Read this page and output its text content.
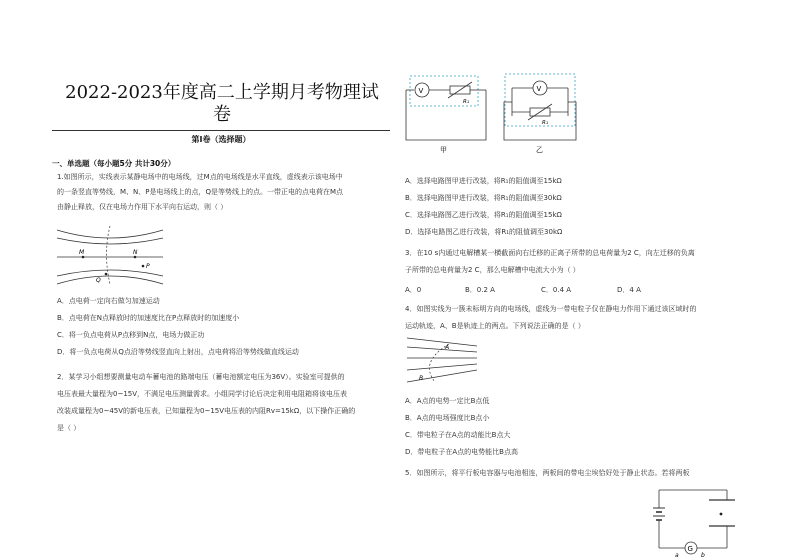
2022-2023年度高二上学期月考物理试
卷
第I卷（选择题）
一、单选题（每小题5分 共计30分）
1.如图所示，实线表示某静电场中的电场线，过M点的电场线是水平直线，虚线表示该电场中
的一条竖直等势线，M、N、P是电场线上的点，Q是等势线上的点。一带正电的点电荷在M点
由静止释放，仅在电场力作用下水平向右运动，则（ ）
M	N
P
Q
A．点电荷一定向右做匀加速运动
B．点电荷在N点释放时的加速度比在P点释放时的加速度小
C．将一负点电荷从P点移到N点，电场力做正功
D．将一负点电荷从Q点沿等势线竖直向上射出，点电荷将沿等势线做直线运动
2．某学习小组想要测量电动车蓄电池的路端电压（蓄电池额定电压为36V）。实验室可提供的
电压表最大量程为0~15V，不满足电压测量需求。小组同学讨论后决定利用电阻箱将该电压表
改装成量程为0~45V的新电压表，已知量程为0~15V电压表的内阻Rv=15kΩ，以下操作正确的
是（ ）
V
R₁
甲
V
R₁
乙
A．选择电路图甲进行改装，将R₁的阻值调至15kΩ
B．选择电路图甲进行改装，将R₁的阻值调至30kΩ
C．选择电路图乙进行改装，将R₁的阻值调至15kΩ
D．选择电路图乙进行改装，将R₁的阻值调至30kΩ
3．在10 s内通过电解槽某一横截面向右迁移的正离子所带的总电荷量为2 C，向左迁移的负离
子所带的总电荷量为2 C，那么电解槽中电流大小为（ ）
A．0	B．0.2 A	C．0.4 A	D．4 A
4．如图实线为一簇未标明方向的电场线，虚线为一带电粒子仅在静电力作用下通过该区域时的
运动轨迹，A、B是轨迹上的两点。下列说法正确的是（ ）
A
B
A．A点的电势一定比B点低
B．A点的电场强度比B点小
C．带电粒子在A点的动能比B点大
D．带电粒子在A点的电势能比B点高
5．如图所示，将平行板电容器与电池相连，两板间的带电尘埃恰好处于静止状态。若将两板
G
a	b
